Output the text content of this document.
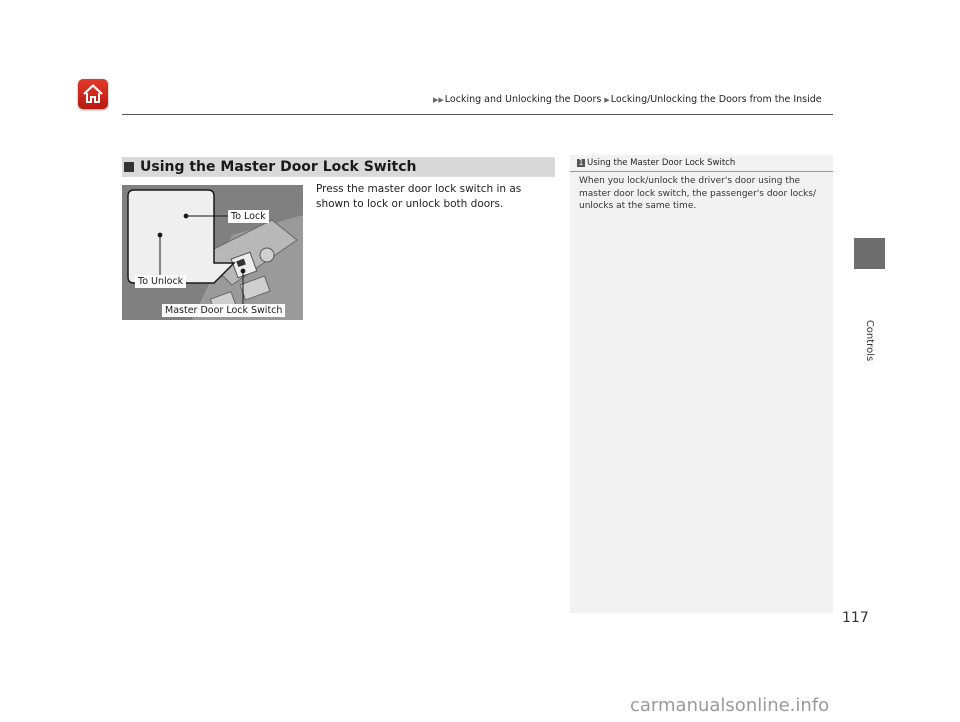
▶▶Locking and Unlocking the Doors ▶Locking/Unlocking the Doors from the Inside
Controls
Using the Master Door Lock Switch
To Lock
To Unlock
Master Door Lock Switch
Press the master door lock switch in as shown to lock or unlock both doors.
1 Using the Master Door Lock Switch
When you lock/unlock the driver's door using the master door lock switch, the passenger's door locks/ unlocks at the same time.
117
carmanualsonline.info
